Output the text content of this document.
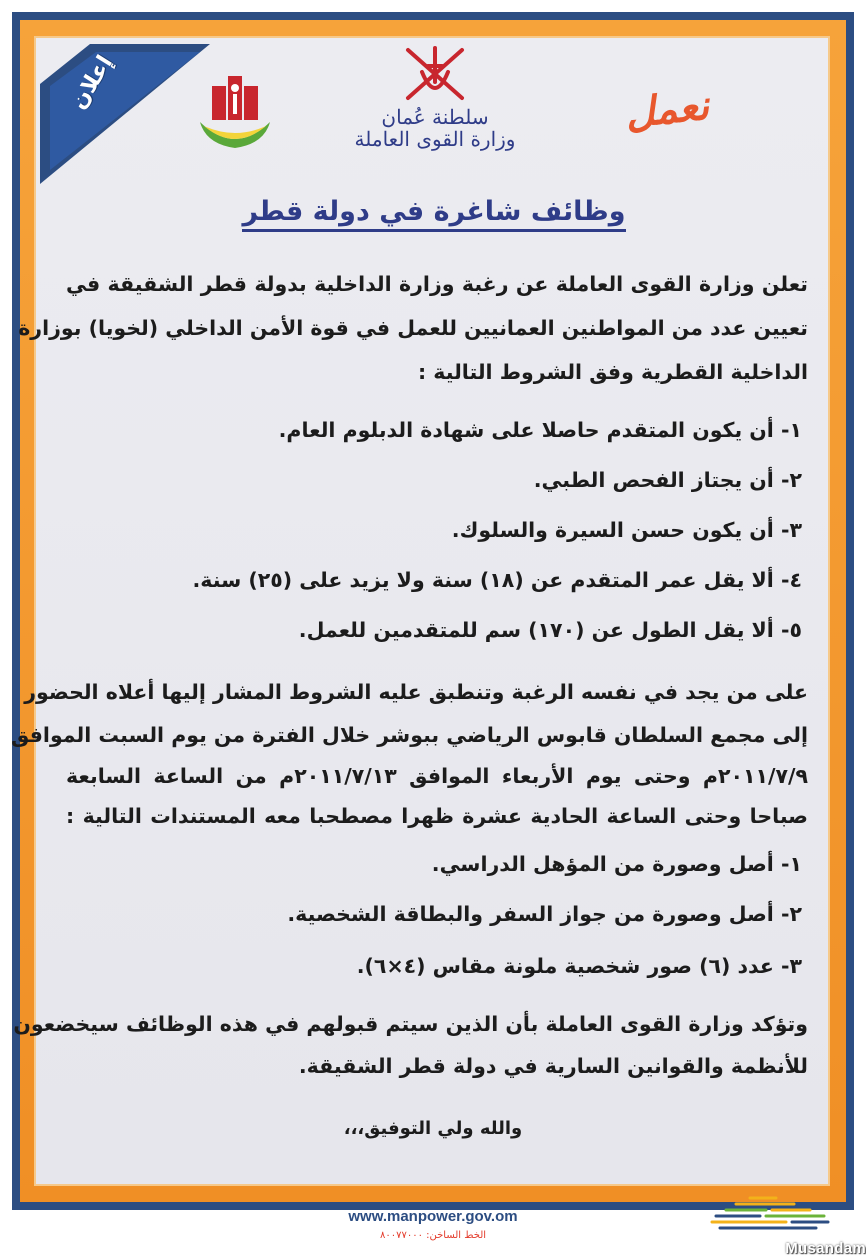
إعلان
سلطنة عُمان
وزارة القوى العاملة
نعمل
وظائف شاغرة في دولة قطر
تعلن وزارة القوى العاملة عن رغبة وزارة الداخلية بدولة قطر الشقيقة في
تعيين عدد من المواطنين العمانيين للعمل في قوة الأمن الداخلي (لخويا) بوزارة
الداخلية القطرية وفق الشروط التالية :
١- أن يكون المتقدم حاصلا على شهادة الدبلوم العام.
٢- أن يجتاز الفحص الطبي.
٣- أن يكون حسن السيرة والسلوك.
٤- ألا يقل عمر المتقدم عن (١٨) سنة ولا يزيد على (٢٥) سنة.
٥- ألا يقل الطول عن (١٧٠) سم للمتقدمين للعمل.
على من يجد في نفسه الرغبة وتنطبق عليه الشروط المشار إليها أعلاه الحضور
إلى مجمع السلطان قابوس الرياضي ببوشر خلال الفترة من يوم السبت الموافق
٢٠١١/٧/٩م وحتى يوم الأربعاء الموافق ٢٠١١/٧/١٣م من الساعة السابعة
صباحا وحتى الساعة الحادية عشرة ظهرا مصطحبا معه المستندات التالية :
١- أصل وصورة من المؤهل الدراسي.
٢- أصل وصورة من جواز السفر والبطاقة الشخصية.
٣- عدد (٦) صور شخصية ملونة مقاس (٤×٦).
وتؤكد وزارة القوى العاملة بأن الذين سيتم قبولهم في هذه الوظائف سيخضعون
للأنظمة والقوانين السارية في دولة قطر الشقيقة.
والله ولي التوفيق،،،
www.manpower.gov.om
الخط الساخن: ٨٠٠٧٧٠٠٠
Musandam
